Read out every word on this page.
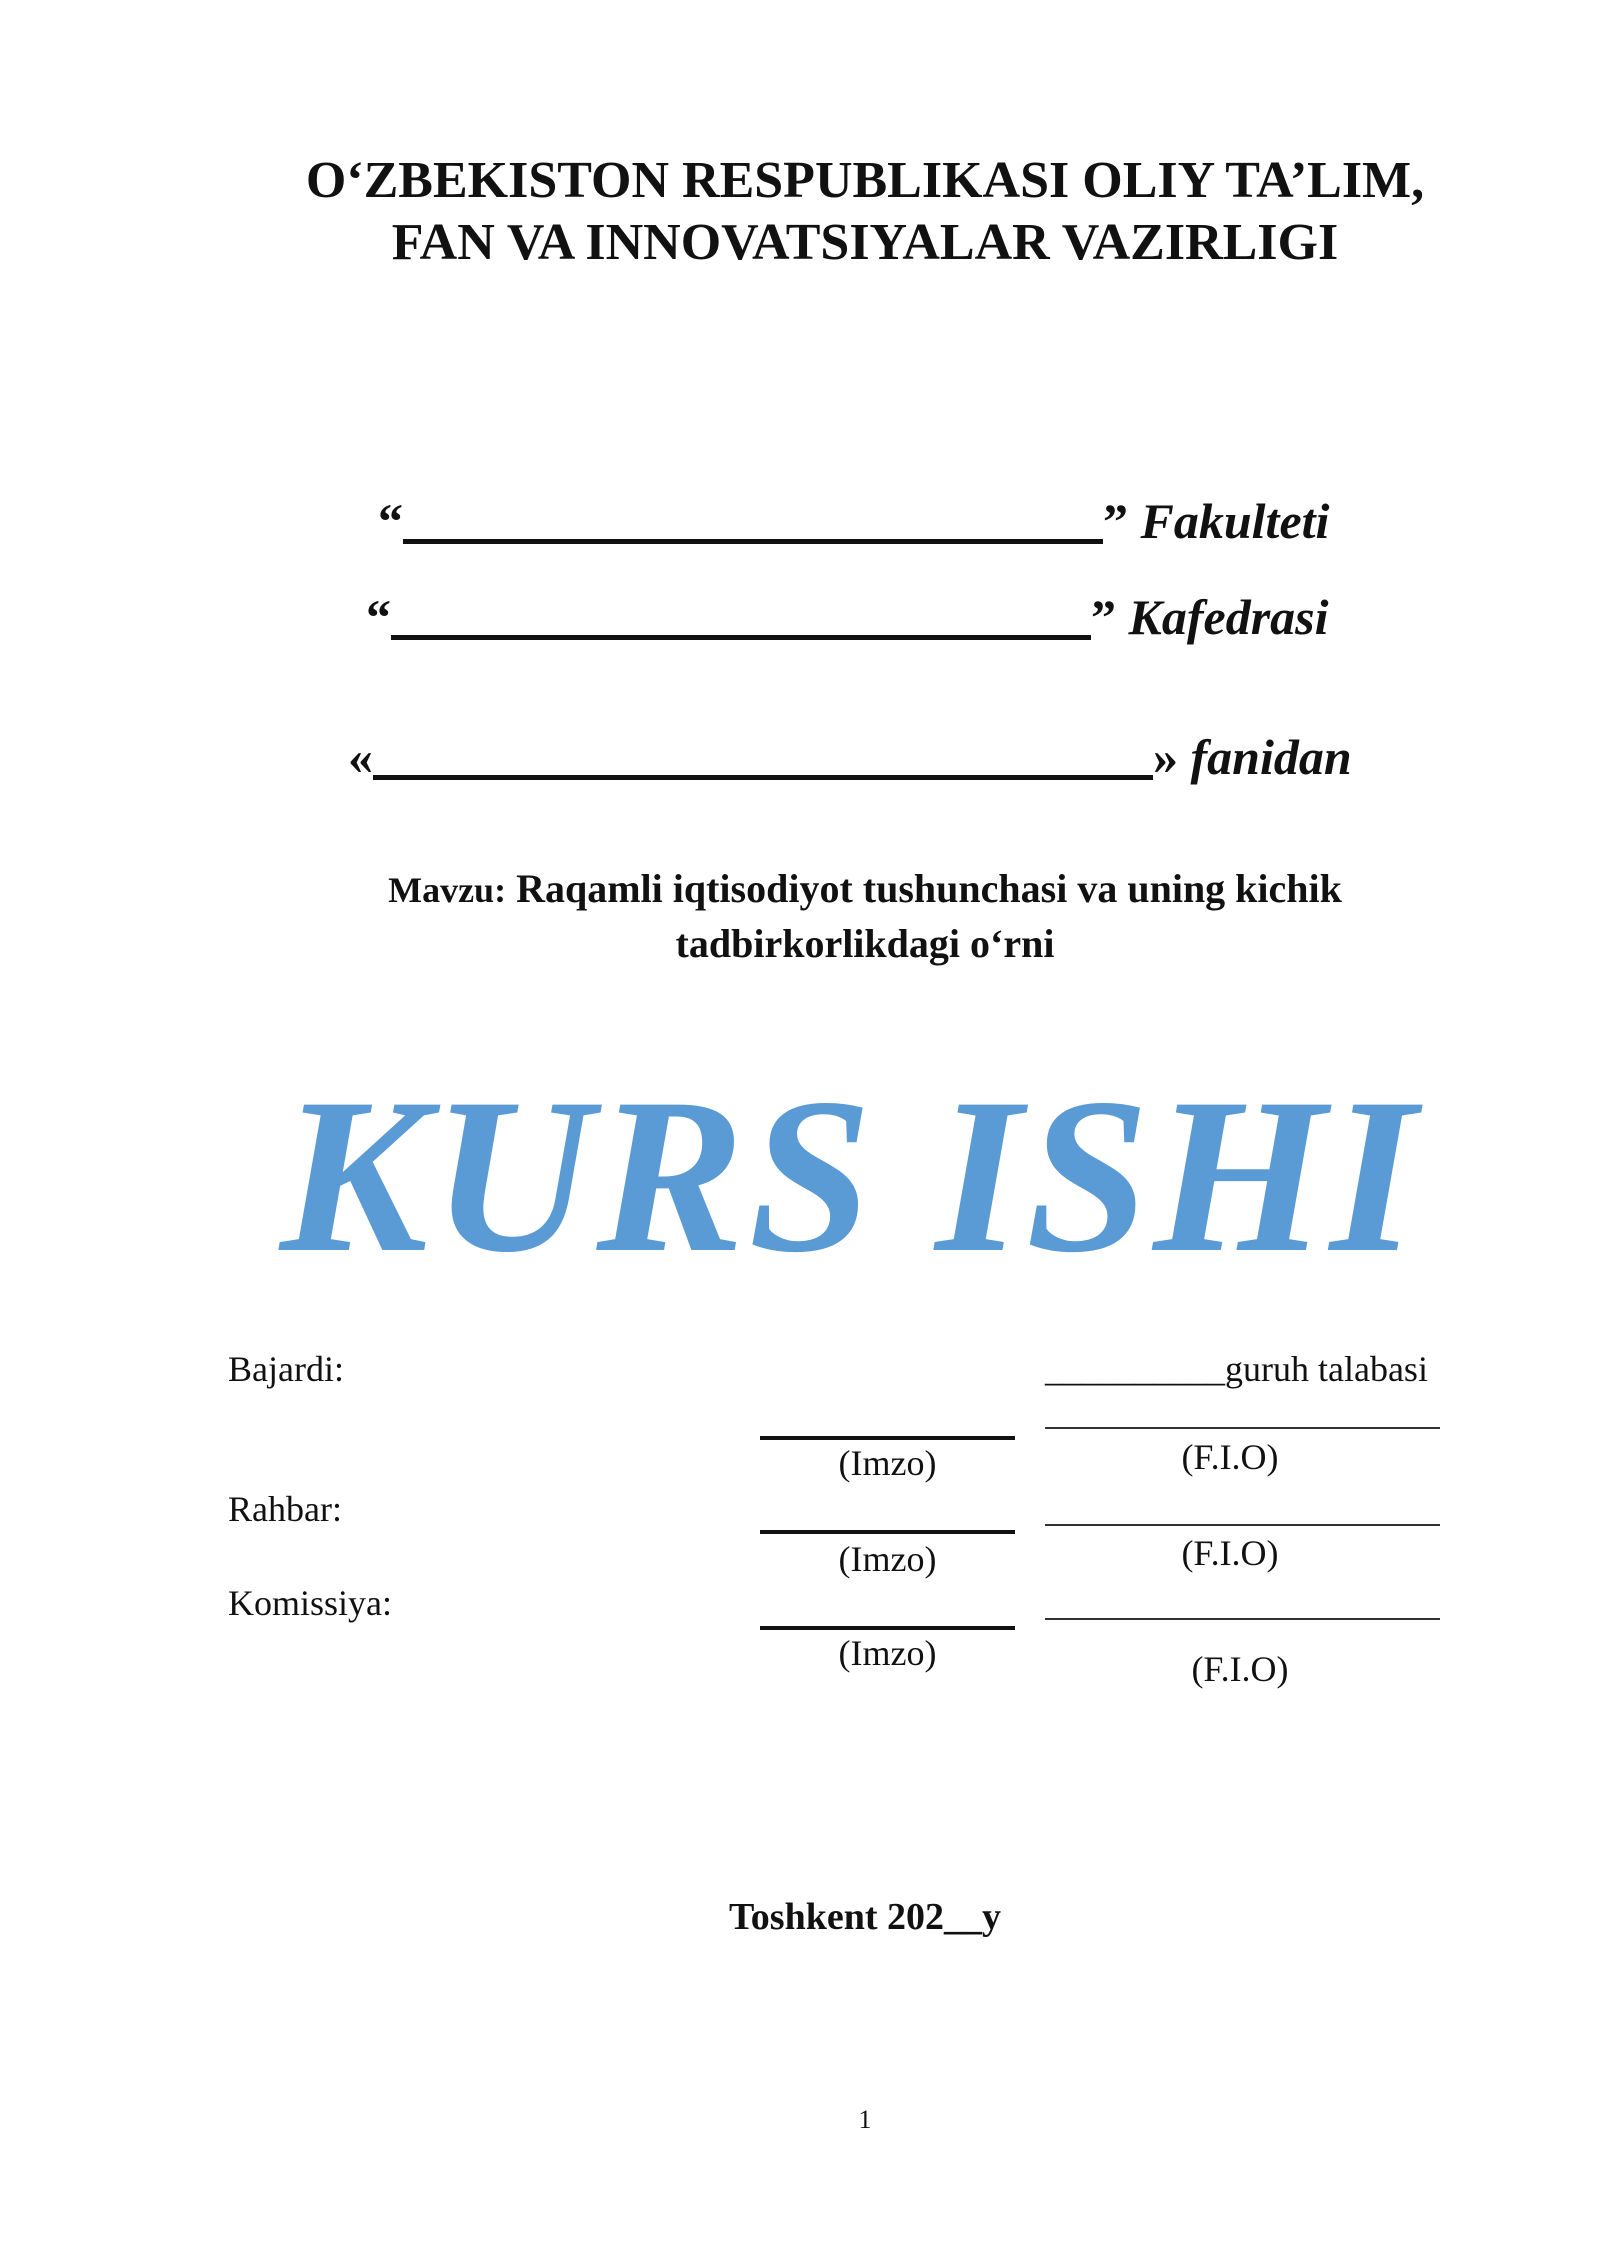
O‘ZBEKISTON RESPUBLIKASI OLIY TA’LIM,
FAN VA INNOVATSIYALAR VAZIRLIGI
“	” Fakulteti
“	” Kafedrasi
«	» fanidan
Mavzu: Raqamli iqtisodiyot tushunchasi va uning kichik
tadbirkorlikdagi o‘rni
KURS ISHI
Bajardi:	__________guruh talabasi
(Imzo)	(F.I.O)
Rahbar:
(Imzo)	(F.I.O)
Komissiya:
(Imzo)	(F.I.O)
Toshkent 202__y
1
